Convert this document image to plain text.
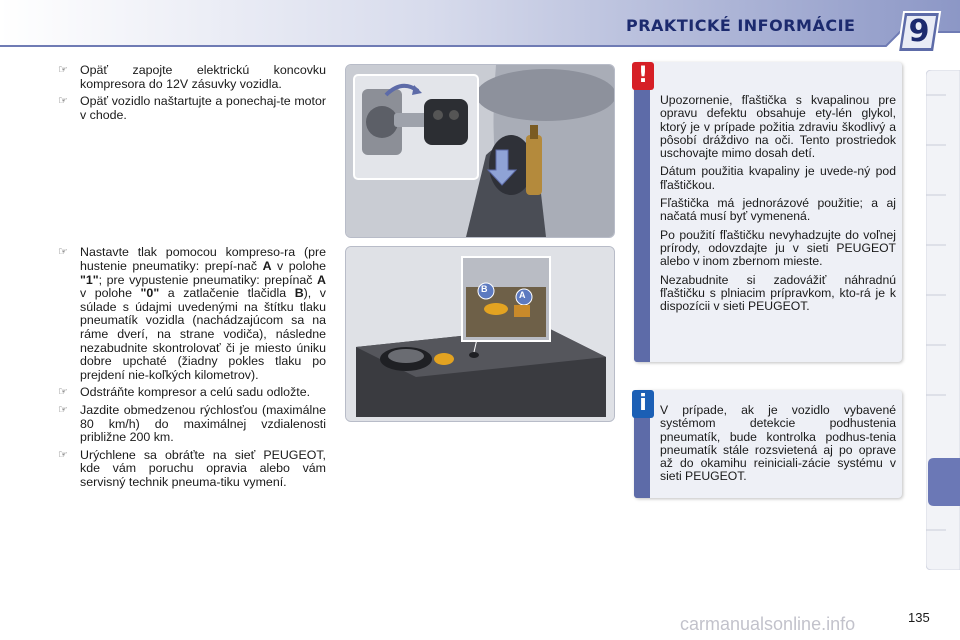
PRAKTICKÉ INFORMÁCIE	9
☞ Opäť zapojte elektrickú koncovku kompresora do 12V zásuvky vozidla.
☞ Opäť vozidlo naštartujte a ponechaj-te motor v chode.
☞ Nastavte tlak pomocou kompreso-ra (pre hustenie pneumatiky: prepí-nač A v polohe "1"; pre vypustenie pneumatiky: prepínač A v polohe "0" a zatlačenie tlačidla B), v súlade s údajmi uvedenými na štítku tlaku pneumatík vozidla (nachádzajúcom sa na ráme dverí, na strane vodiča), následne nezabudnite skontrolovať či je miesto úniku dobre upchaté (žiadny pokles tlaku po prejdení nie-koľkých kilometrov).
☞ Odstráňte kompresor a celú sadu odložte.
☞ Jazdite obmedzenou rýchlosťou (maximálne 80 km/h) do maximálnej vzdialenosti približne 200 km.
☞ Urýchlene sa obráťte na sieť PEUGEOT, kde vám poruchu opravia alebo vám servisný technik pneuma-tiku vymení.
B
A
!

Upozornenie, fľaštička s kvapalinou pre opravu defektu obsahuje ety-lén glykol, ktorý je v prípade požitia zdraviu škodlivý a pôsobí dráždivo na oči. Tento prostriedok uschovajte mimo dosah detí.

Dátum použitia kvapaliny je uvede-ný pod fľaštičkou.

Fľaštička má jednorázové použitie; a aj načatá musí byť vymenená.

Po použití fľaštičku nevyhadzujte do voľnej prírody, odovzdajte ju v sieti PEUGEOT alebo v inom zbernom mieste.

Nezabudnite si zadovážiť náhradnú fľaštičku s plniacim prípravkom, kto-rá je k dispozícii v sieti PEUGEOT.

i	V prípade, ak je vozidlo vybavené systémom detekcie podhustenia pneumatík, bude kontrolka podhus-tenia pneumatík stále rozsvietená aj po oprave až do okamihu reiniciali-zácie systému v sieti PEUGEOT.

carmanualsonline.info	135
